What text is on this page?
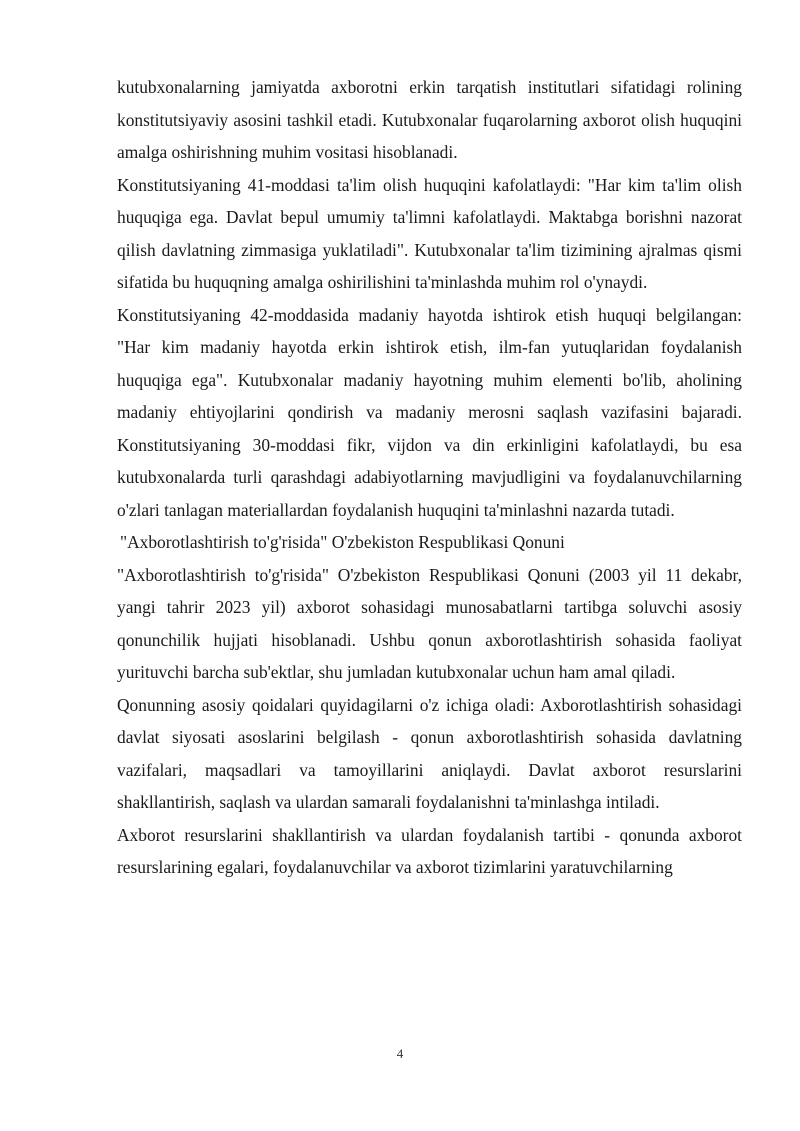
kutubxonalarning jamiyatda axborotni erkin tarqatish institutlari sifatidagi rolining konstitutsiyaviy asosini tashkil etadi. Kutubxonalar fuqarolarning axborot olish huquqini amalga oshirishning muhim vositasi hisoblanadi.

Konstitutsiyaning 41-moddasi ta'lim olish huquqini kafolatlaydi: "Har kim ta'lim olish huquqiga ega. Davlat bepul umumiy ta'limni kafolatlaydi. Maktabga borishni nazorat qilish davlatning zimmasiga yuklatiladi". Kutubxonalar ta'lim tizimining ajralmas qismi sifatida bu huquqning amalga oshirilishini ta'minlashda muhim rol o'ynaydi.

Konstitutsiyaning 42-moddasida madaniy hayotda ishtirok etish huquqi belgilangan: "Har kim madaniy hayotda erkin ishtirok etish, ilm-fan yutuqlaridan foydalanish huquqiga ega". Kutubxonalar madaniy hayotning muhim elementi bo'lib, aholining madaniy ehtiyojlarini qondirish va madaniy merosni saqlash vazifasini bajaradi. Konstitutsiyaning 30-moddasi fikr, vijdon va din erkinligini kafolatlaydi, bu esa kutubxonalarda turli qarashdagi adabiyotlarning mavjudligini va foydalanuvchilarning o'zlari tanlagan materiallardan foydalanish huquqini ta'minlashni nazarda tutadi.

"Axborotlashtirish to'g'risida" O'zbekiston Respublikasi Qonuni

"Axborotlashtirish to'g'risida" O'zbekiston Respublikasi Qonuni (2003 yil 11 dekabr, yangi tahrir 2023 yil) axborot sohasidagi munosabatlarni tartibga soluvchi asosiy qonunchilik hujjati hisoblanadi. Ushbu qonun axborotlashtirish sohasida faoliyat yurituvchi barcha sub'ektlar, shu jumladan kutubxonalar uchun ham amal qiladi.

Qonunning asosiy qoidalari quyidagilarni o'z ichiga oladi: Axborotlashtirish sohasidagi davlat siyosati asoslarini belgilash - qonun axborotlashtirish sohasida davlatning vazifalari, maqsadlari va tamoyillarini aniqlaydi. Davlat axborot resurslarini shakllantirish, saqlash va ulardan samarali foydalanishni ta'minlashga intiladi.

Axborot resurslarini shakllantirish va ulardan foydalanish tartibi - qonunda axborot resurslarining egalari, foydalanuvchilar va axborot tizimlarini yaratuvchilarning

4
